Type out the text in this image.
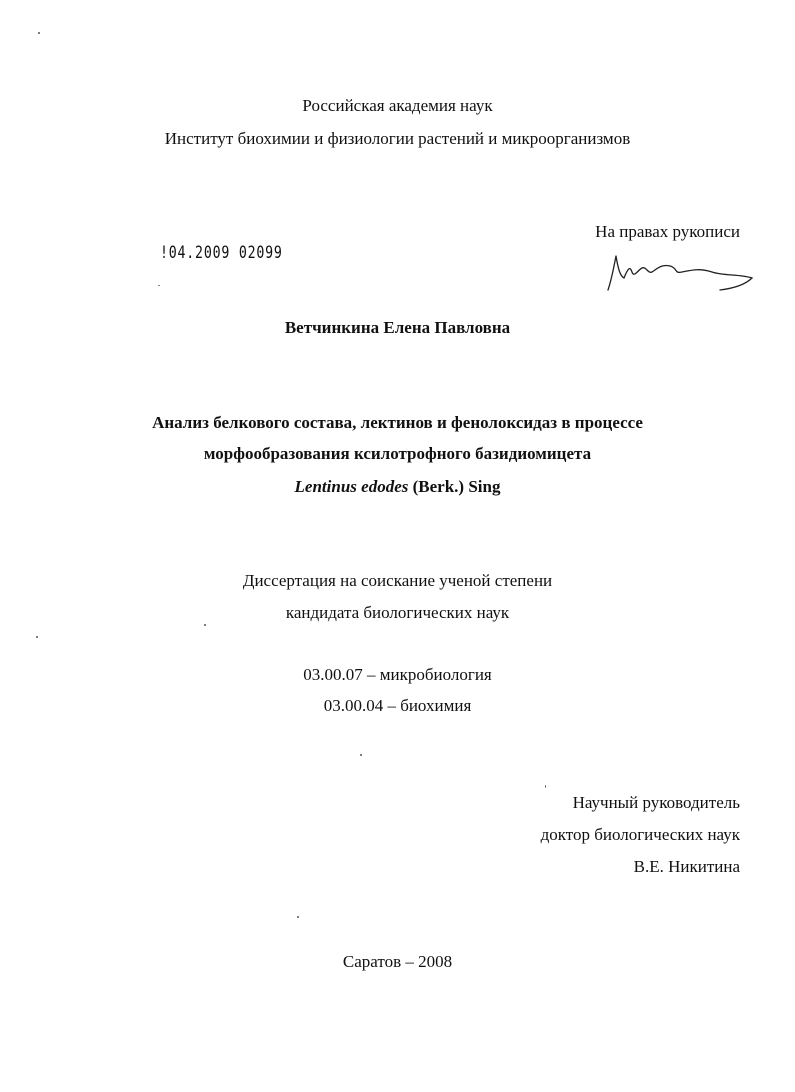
Российская академия наук
Институт биохимии и физиологии растений и микроорганизмов
На правах рукописи
!04.2009 02099
Ветчинкина Елена Павловна
Анализ белкового состава, лектинов и фенолоксидаз в процессе
морфообразования ксилотрофного базидиомицета
Lentinus edodes (Berk.) Sing
Диссертация на соискание ученой степени
кандидата биологических наук
03.00.07 – микробиология
03.00.04 – биохимия
Научный руководитель
доктор биологических наук
В.Е. Никитина
Саратов – 2008
